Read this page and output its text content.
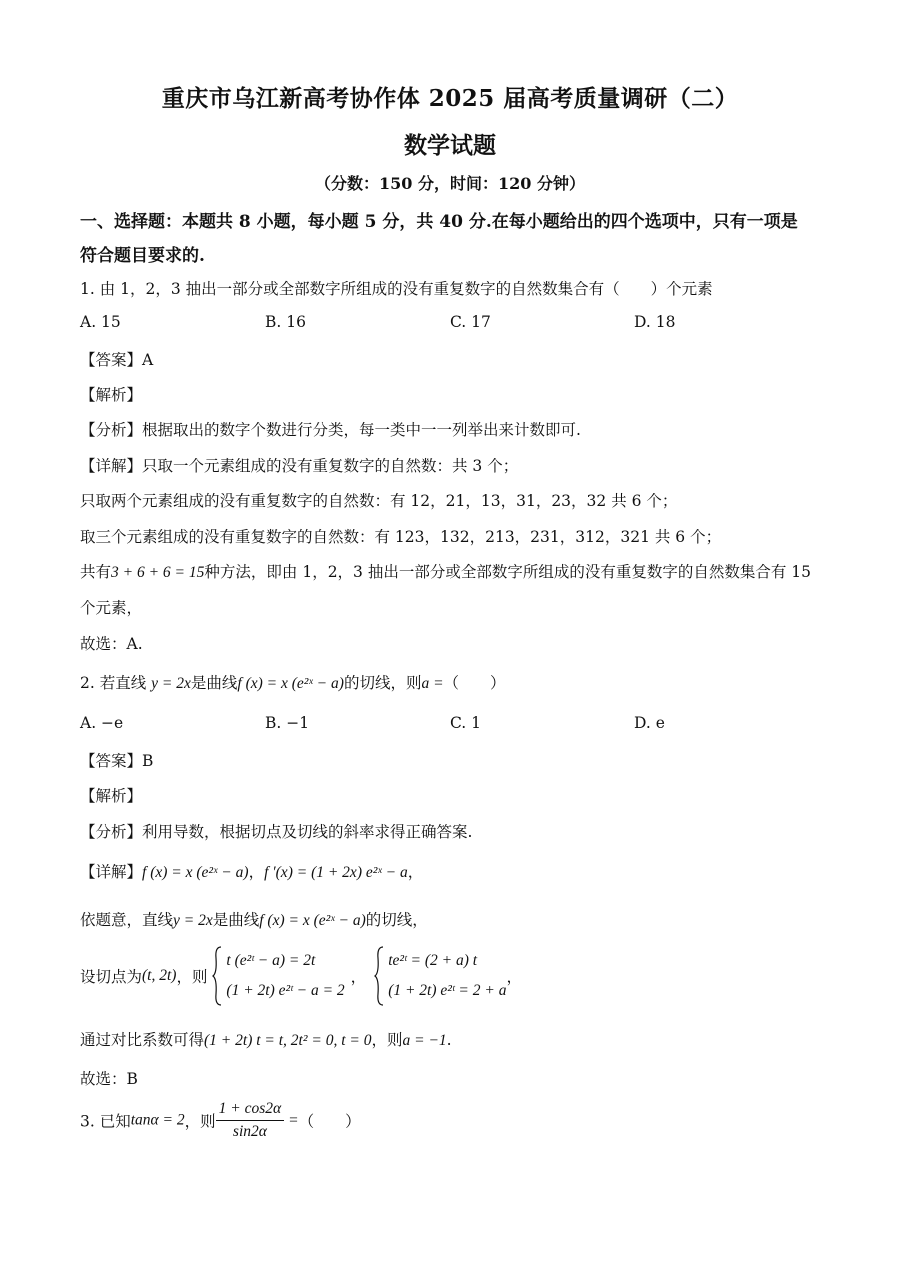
重庆市乌江新高考协作体 2025 届高考质量调研（二）
数学试题
（分数：150 分，时间：120 分钟）
一、选择题：本题共 8 小题，每小题 5 分，共 40 分.在每小题给出的四个选项中，只有一项是
符合题目要求的.
1. 由 1，2，3 抽出一部分或全部数字所组成的没有重复数字的自然数集合有（　　）个元素
A. 15	B. 16	C. 17	D. 18
【答案】A
【解析】
【分析】根据取出的数字个数进行分类，每一类中一一列举出来计数即可.
【详解】只取一个元素组成的没有重复数字的自然数：共 3 个；
只取两个元素组成的没有重复数字的自然数：有 12，21，13，31，23，32 共 6 个；
取三个元素组成的没有重复数字的自然数：有 123，132，213，231，312，321 共 6 个；
共有3 + 6 + 6 = 15种方法，即由 1，2，3 抽出一部分或全部数字所组成的没有重复数字的自然数集合有 15
个元素，
故选：A.
2. 若直线 y = 2x是曲线f (x) = x (e²ˣ − a)的切线，则a =（　　）
A. −e	B. −1	C. 1	D. e
【答案】B
【解析】
【分析】利用导数，根据切点及切线的斜率求得正确答案.
【详解】f (x) = x (e²ˣ − a)，f ′(x) = (1 + 2x) e²ˣ − a，
依题意，直线y = 2x是曲线f (x) = x (e²ˣ − a)的切线，
设切点为(t, 2t)，则
t (e²ᵗ − a) = 2t
(1 + 2t) e²ᵗ − a = 2
，
te²ᵗ = (2 + a) t
(1 + 2t) e²ᵗ = 2 + a
，
通过对比系数可得(1 + 2t) t = t, 2t² = 0, t = 0，则a = −1.
故选：B
3. 已知tanα = 2，则 $\frac{1 + \cos 2\alpha}{\sin 2\alpha}$ =（　　）
